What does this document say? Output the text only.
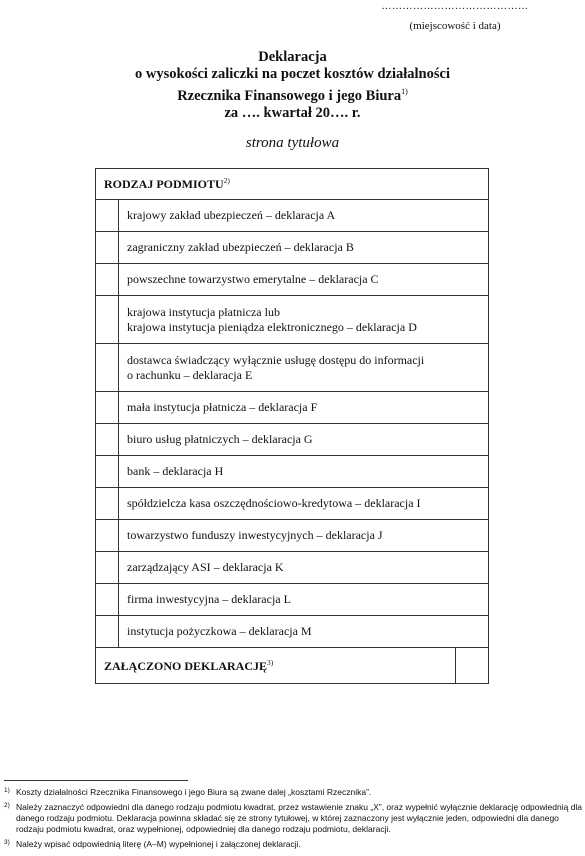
……………………………………
(miejscowość i data)
Deklaracja
o wysokości zaliczki na poczet kosztów działalności
Rzecznika Finansowego i jego Biura$^{1)}$
za …. kwartał 20…. r.
strona tytułowa
RODZAJ PODMIOTU$^{2)}$

krajowy zakład ubezpieczeń – deklaracja A

zagraniczny zakład ubezpieczeń – deklaracja B

powszechne towarzystwo emerytalne – deklaracja C

krajowa instytucja płatnicza lub
krajowa instytucja pieniądza elektronicznego – deklaracja D

dostawca świadczący wyłącznie usługę dostępu do informacji
o rachunku – deklaracja E

mała instytucja płatnicza – deklaracja F

biuro usług płatniczych – deklaracja G

bank – deklaracja H

spółdzielcza kasa oszczędnościowo-kredytowa – deklaracja I

towarzystwo funduszy inwestycyjnych – deklaracja J

zarządzający ASI – deklaracja K

firma inwestycyjna – deklaracja L

instytucja pożyczkowa – deklaracja M

ZAŁĄCZONO DEKLARACJĘ$^{3)}$	
1) Koszty działalności Rzecznika Finansowego i jego Biura są zwane dalej „kosztami Rzecznika”.
2) Należy zaznaczyć odpowiedni dla danego rodzaju podmiotu kwadrat, przez wstawienie znaku „X”, oraz wypełnić wyłącznie deklarację odpowiednią dla danego rodzaju podmiotu. Deklaracja powinna składać się ze strony tytułowej, w której zaznaczony jest wyłącznie jeden, odpowiedni dla danego rodzaju podmiotu kwadrat, oraz wypełnionej, odpowiedniej dla danego rodzaju podmiotu, deklaracji.
3) Należy wpisać odpowiednią literę (A–M) wypełnionej i załączonej deklaracji.
